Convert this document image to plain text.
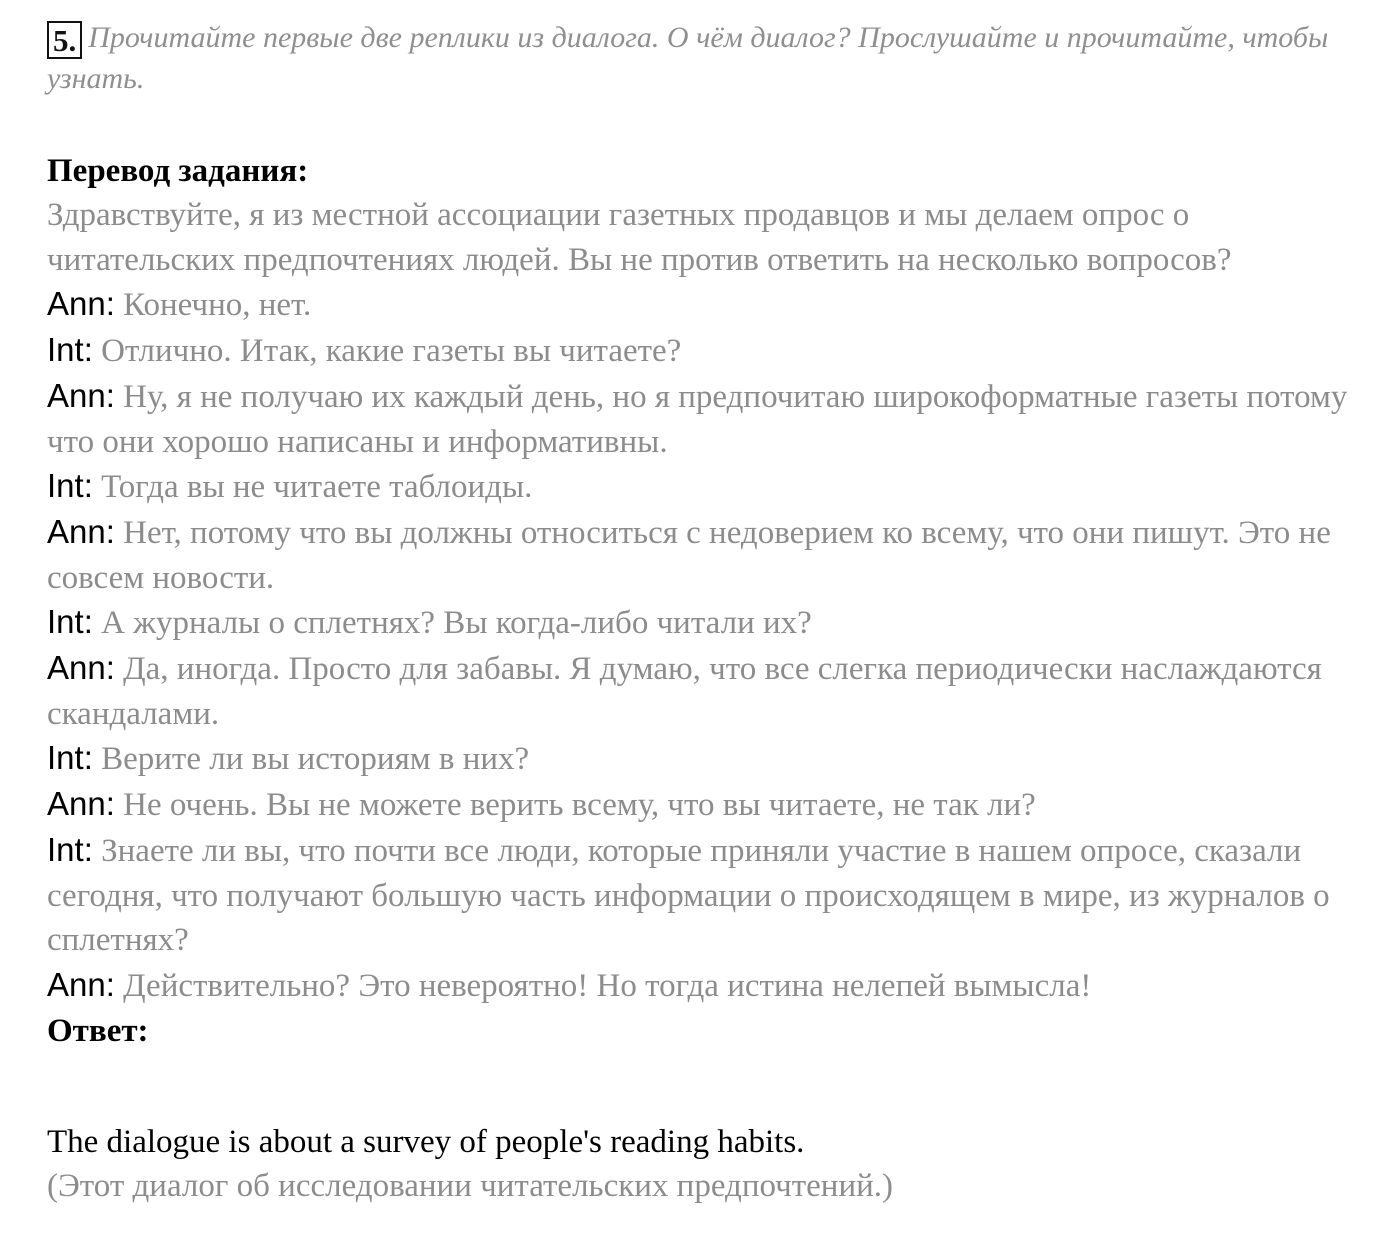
5. Прочитайте первые две реплики из диалога. О чём диалог? Прослушайте и прочитайте, чтобы узнать.

Перевод задания:

Здравствуйте, я из местной ассоциации газетных продавцов и мы делаем опрос о читательских предпочтениях людей. Вы не против ответить на несколько вопросов?

Ann: Конечно, нет.

Int: Отлично. Итак, какие газеты вы читаете?

Ann: Ну, я не получаю их каждый день, но я предпочитаю широкоформатные газеты потому что они хорошо написаны и информативны.

Int: Тогда вы не читаете таблоиды.

Ann: Нет, потому что вы должны относиться с недоверием ко всему, что они пишут. Это не совсем новости.

Int: А журналы о сплетнях? Вы когда-либо читали их?

Ann: Да, иногда. Просто для забавы. Я думаю, что все слегка периодически наслаждаются скандалами.

Int: Верите ли вы историям в них?

Ann: Не очень. Вы не можете верить всему, что вы читаете, не так ли?

Int: Знаете ли вы, что почти все люди, которые приняли участие в нашем опросе, сказали сегодня, что получают большую часть информации о происходящем в мире, из журналов о сплетнях?

Ann: Действительно? Это невероятно! Но тогда истина нелепей вымысла!

Ответ:

The dialogue is about a survey of people's reading habits.

(Этот диалог об исследовании читательских предпочтений.)
